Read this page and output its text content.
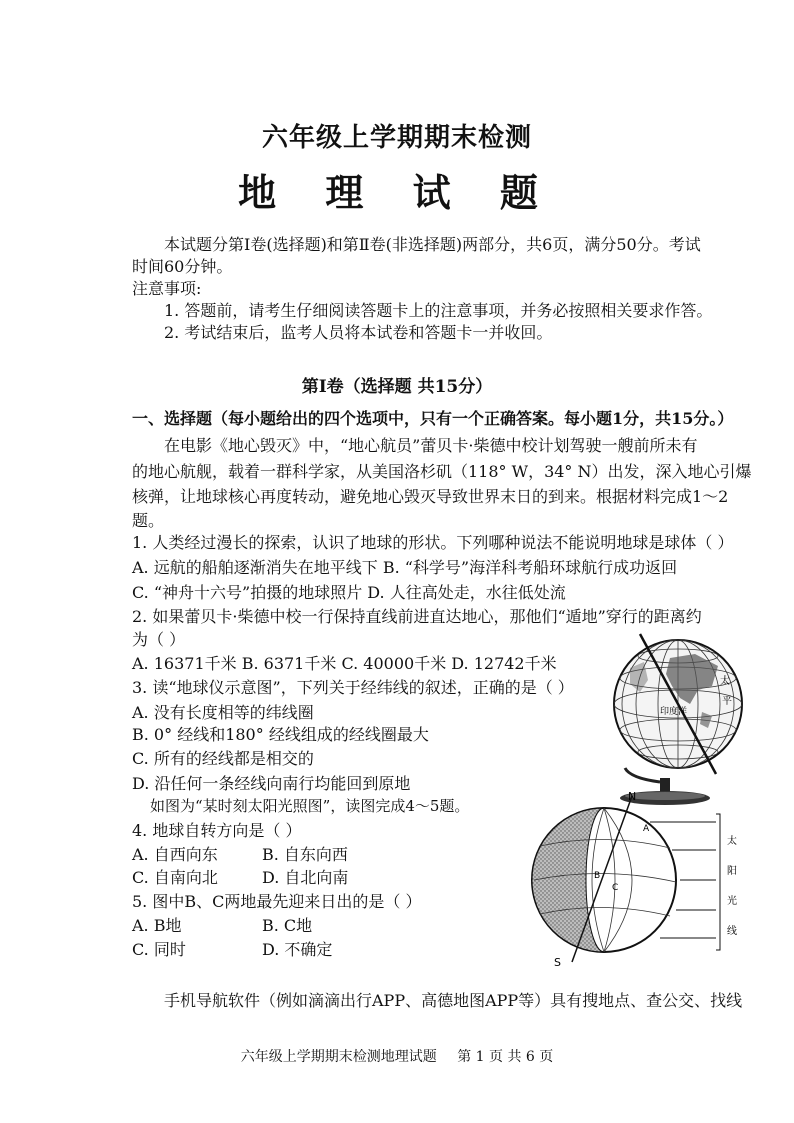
六年级上学期期末检测
地 理 试 题
本试题分第Ⅰ卷(选择题)和第Ⅱ卷(非选择题)两部分，共6页，满分50分。考试
时间60分钟。
注意事项:
1. 答题前，请考生仔细阅读答题卡上的注意事项，并务必按照相关要求作答。
2. 考试结束后，监考人员将本试卷和答题卡一并收回。
第Ⅰ卷（选择题 共15分）
一、选择题（每小题给出的四个选项中，只有一个正确答案。每小题1分，共15分。）
在电影《地心毁灭》中，“地心航员”蕾贝卡·柴德中校计划驾驶一艘前所未有
的地心航舰，载着一群科学家，从美国洛杉矶（118° W，34° N）出发，深入地心引爆
核弹，让地球核心再度转动，避免地心毁灭导致世界末日的到来。根据材料完成1～2
题。
1. 人类经过漫长的探索，认识了地球的形状。下列哪种说法不能说明地球是球体（ ）
A. 远航的船舶逐渐消失在地平线下 B. “科学号”海洋科考船环球航行成功返回
C. “神舟十六号”拍摄的地球照片 D. 人往高处走，水往低处流
2. 如果蕾贝卡·柴德中校一行保持直线前进直达地心，那他们“遁地”穿行的距离约
为（ ）
A. 16371千米 B. 6371千米 C. 40000千米 D. 12742千米
3. 读“地球仪示意图”，下列关于经纬线的叙述，正确的是（ ）
A. 没有长度相等的纬线圈
B. 0° 经线和180° 经线组成的经线圈最大
C. 所有的经线都是相交的
D. 沿任何一条经线向南行均能回到原地
如图为“某时刻太阳光照图”，读图完成4～5题。
4. 地球自转方向是（ ）
A. 自西向东	B. 自东向西
C. 自南向北	D. 自北向南
5. 图中B、C两地最先迎来日出的是（ ）
A. B地	B. C地
C. 同时	D. 不确定
手机导航软件（例如滴滴出行APP、高德地图APP等）具有搜地点、查公交、找线
太
平
印度洋
N
S
A
B
C
太
阳
光
线
六年级上学期期末检测地理试题 第 1 页 共 6 页
